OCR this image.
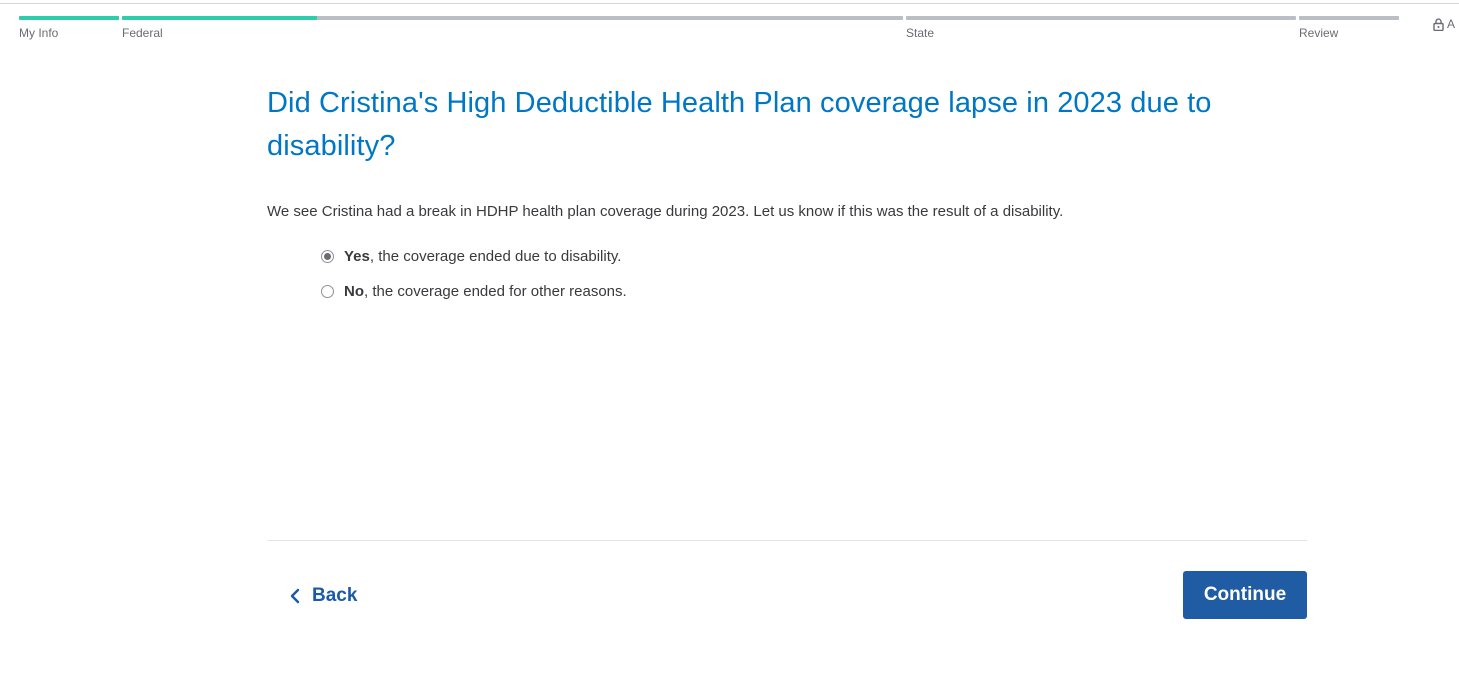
My Info	Federal	State	Review
A
Did Cristina's High Deductible Health Plan coverage lapse in 2023 due to disability?

We see Cristina had a break in HDHP health plan coverage during 2023. Let us know if this was the result of a disability.

Yes, the coverage ended due to disability.
No, the coverage ended for other reasons.
Back	Continue
